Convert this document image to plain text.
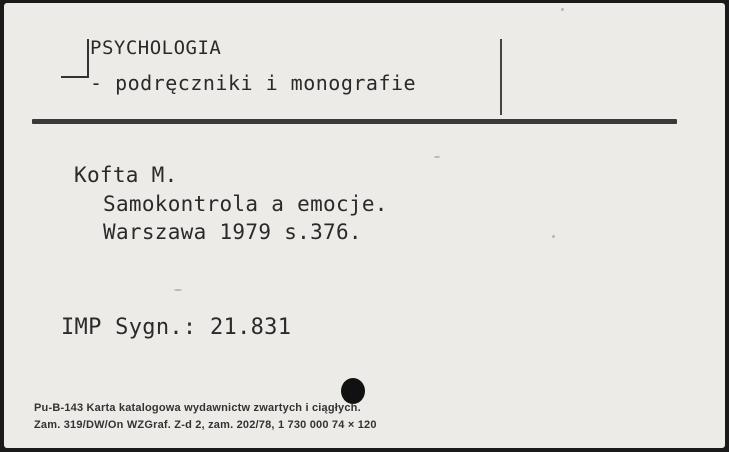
PSYCHOLOGIA
- podręczniki i monografie
Kofta M.
Samokontrola a emocje.
Warszawa 1979 s.376.
IMP Sygn.: 21.831
Pu-B-143 Karta katalogowa wydawnictw zwartych i ciągłych.
Zam. 319/DW/On WZGraf. Z-d 2, zam. 202/78, 1 730 000 74 × 120
